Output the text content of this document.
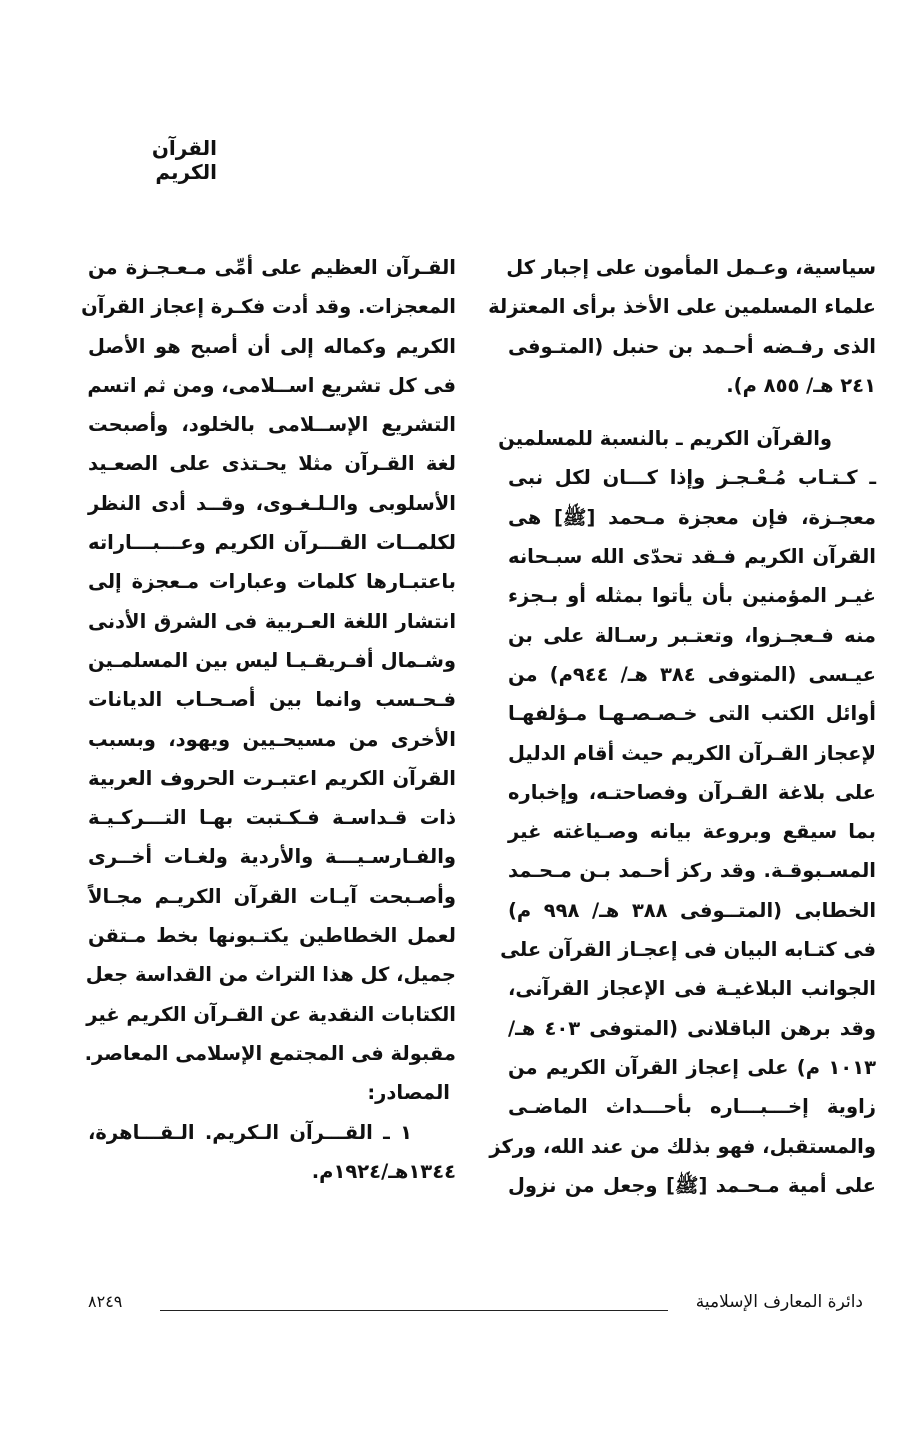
القرآن الكريم
سياسية، وعـمل المأمون على إجبار كل
علماء المسلمين على الأخذ برأى المعتزلة
الذى رفـضه أحـمد بن حنبل (المتـوفى
٢٤١ هـ/ ٨٥٥ م).
والقرآن الكريم ـ بالنسبة للمسلمين
ـ كـتـاب مُـعْـجـز وإذا كـــان لكل نبى
معجـزة، فإن معجزة مـحمد [ﷺ] هى
القرآن الكريم فـقد تحدّى الله سبـحانه
غيـر المؤمنين بأن يأتوا بمثله أو بـجزء
منه فـعجـزوا، وتعتـبر رسـالة على بن
عيـسى (المتوفى ٣٨٤ هـ/ ٩٤٤م) من
أوائل الكتب التى خـصـصـهـا مـؤلفهـا
لإعجاز القـرآن الكريم حيث أقام الدليل
على بلاغة القـرآن وفصاحتـه، وإخباره
بما سيقع وبروعة بيانه وصـياغته غير
المسـبوقـة. وقد ركز أحـمد بـن مـحـمد
الخطابى (المتــوفى ٣٨٨ هـ/ ٩٩٨ م)
فى كتـابه البيان فى إعجـاز القرآن على
الجوانب البلاغيـة فى الإعجاز القرآنى،
وقد برهن الباقلانى (المتوفى ٤٠٣ هـ/
١٠١٣ م) على إعجاز القرآن الكريم من
زاوية إخـــبـــاره بأحـــداث الماضـى
والمستقبل، فهو بذلك من عند الله، وركز
على أمية مـحـمد [ﷺ] وجعل من نزول
القـرآن العظيم على أمِّى مـعـجـزة من
المعجزات. وقد أدت فكـرة إعجاز القرآن
الكريم وكماله إلى أن أصبح هو الأصل
فى كل تشريع اســلامى، ومن ثم اتسم
التشريع الإســلامى بالخلود، وأصبحت
لغة القـرآن مثلا يحـتذى على الصعـيد
الأسلوبى والـلـغـوى، وقــد أدى النظر
لكلمــات القـــرآن الكريم وعـــبـــاراته
باعتبـارها كلمات وعبارات مـعجزة إلى
انتشار اللغة العـربية فى الشرق الأدنى
وشـمال أفـريقـيـا ليس بين المسلمـين
فـحـسب وانما بين أصـحـاب الديانات
الأخرى من مسيحـيين ويهود، وبسبب
القرآن الكريم اعتبـرت الحروف العربية
ذات قـداسـة فـكـتبت بهـا التـــركـيـة
والفـارسـيـــة والأردية ولغـات أخــرى
وأصـبحت آيـات القرآن الكريـم مجـالاً
لعمل الخطاطين يكتـبونها بخط مـتقن
جميل، كل هذا التراث من القداسة جعل
الكتابات النقدية عن القـرآن الكريم غير
مقبولة فى المجتمع الإسلامى المعاصر.
المصادر:
١ ـ القـــرآن الـكريم. الـقـــاهرة،
١٣٤٤هـ/١٩٢٤م.
دائرة المعارف الإسلامية
٨٢٤٩
